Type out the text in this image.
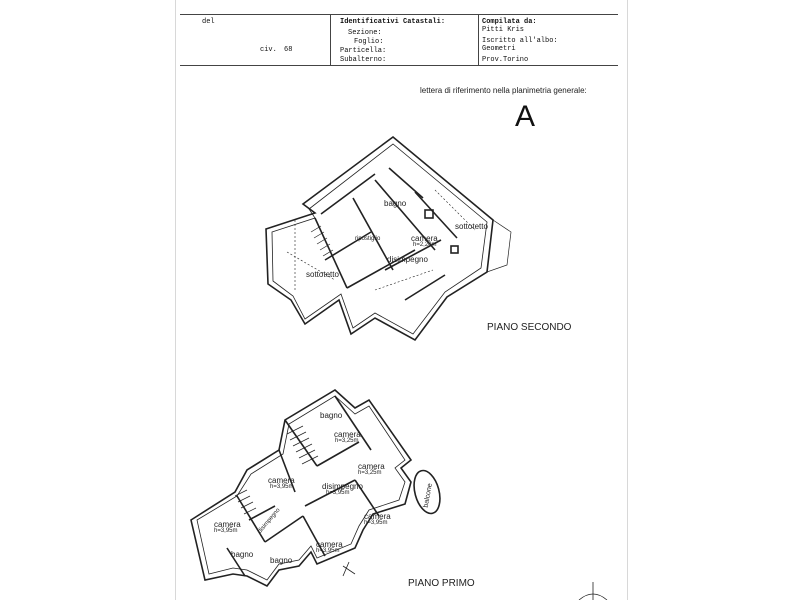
del
civ. 68
Identificativi Catastali:
Sezione:
Foglio:
Particella:
Subalterno:
Compilata da:
Pitti Kris
Iscritto all'albo:
Geometri
Prov.Torino
lettera di riferimento nella planimetria generale:
A
bagno
camera
h=2,20m
disimpegno
sottotetto
sottotetto
ripostiglio
PIANO SECONDO
bagno
camera
h=3,25m
camera
h=3,25m
camera
h=3,95m	disimpegno
h=3,95m
camera
h=3,95m
camera
h=3,95m
camera
h=3,95m
disimpegno
bagno
bagno
balcone
PIANO PRIMO
